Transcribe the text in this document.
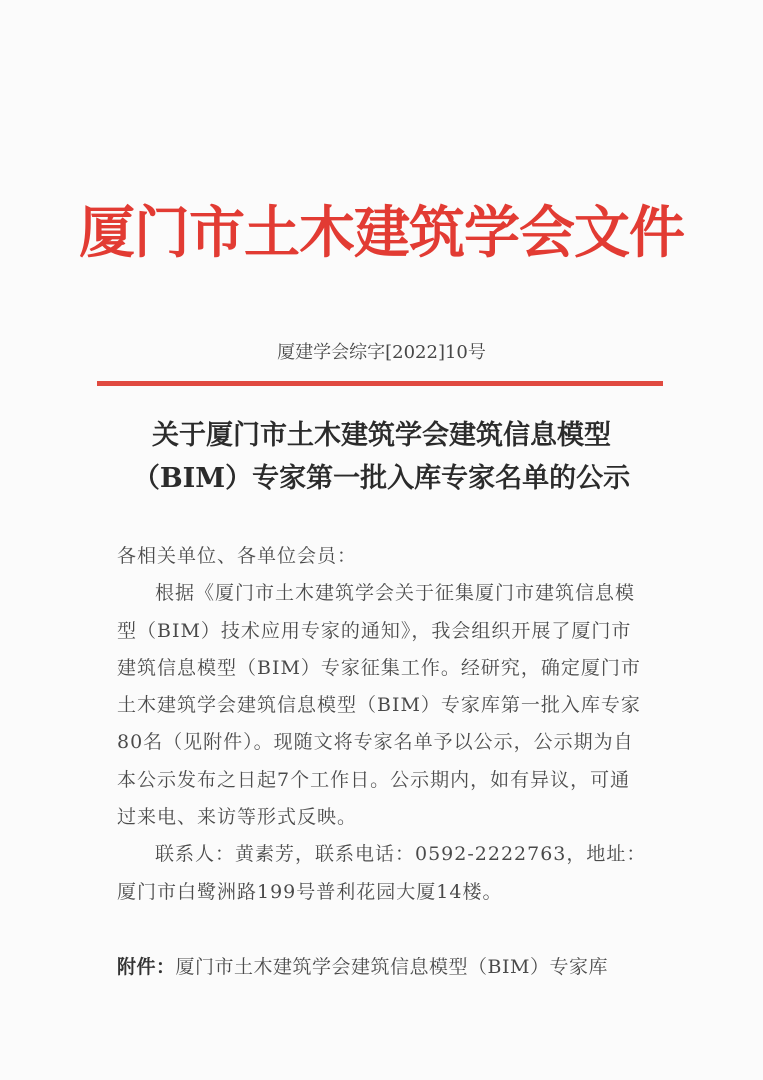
厦门市土木建筑学会文件
厦建学会综字[2022]10号
关于厦门市土木建筑学会建筑信息模型
（BIM）专家第一批入库专家名单的公示

各相关单位、各单位会员：

根据《厦门市土木建筑学会关于征集厦门市建筑信息模型（BIM）技术应用专家的通知》，我会组织开展了厦门市建筑信息模型（BIM）专家征集工作。经研究，确定厦门市土木建筑学会建筑信息模型（BIM）专家库第一批入库专家80名（见附件）。现随文将专家名单予以公示，公示期为自本公示发布之日起7个工作日。公示期内，如有异议，可通过来电、来访等形式反映。

联系人：黄素芳，联系电话：0592-2222763，地址：厦门市白鹭洲路199号普利花园大厦14楼。

附件：厦门市土木建筑学会建筑信息模型（BIM）专家库
